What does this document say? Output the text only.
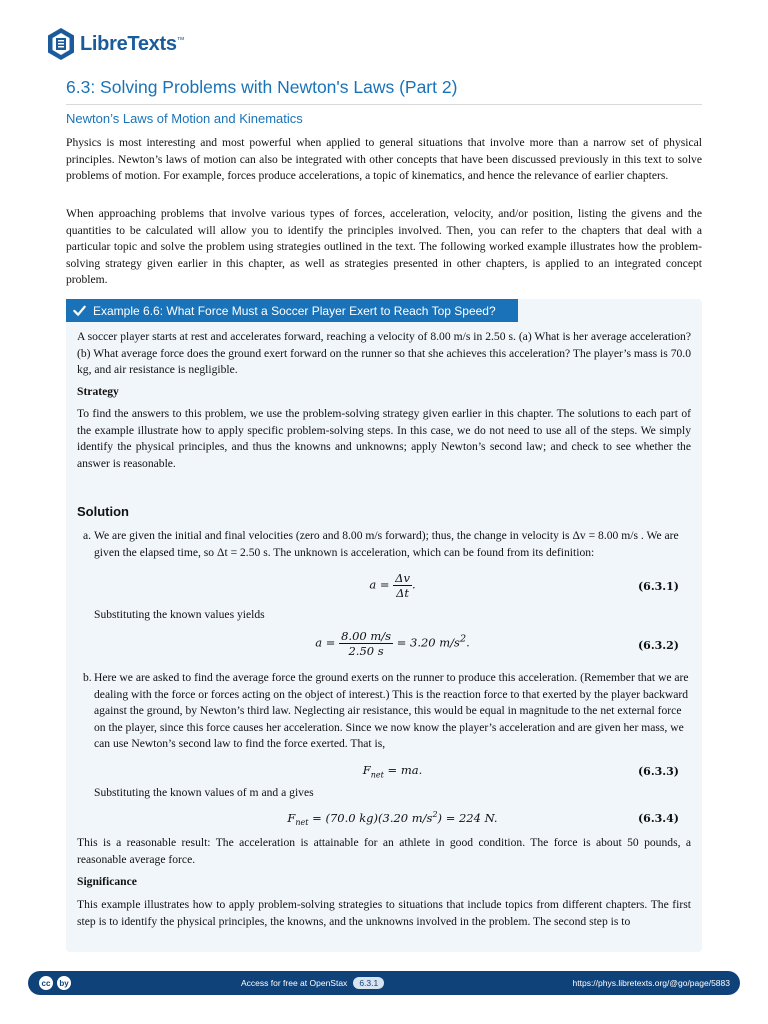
LibreTexts™
6.3: Solving Problems with Newton's Laws (Part 2)
Newton’s Laws of Motion and Kinematics

Physics is most interesting and most powerful when applied to general situations that involve more than a narrow set of physical principles. Newton’s laws of motion can also be integrated with other concepts that have been discussed previously in this text to solve problems of motion. For example, forces produce accelerations, a topic of kinematics, and hence the relevance of earlier chapters.

When approaching problems that involve various types of forces, acceleration, velocity, and/or position, listing the givens and the quantities to be calculated will allow you to identify the principles involved. Then, you can refer to the chapters that deal with a particular topic and solve the problem using strategies outlined in the text. The following worked example illustrates how the problem-solving strategy given earlier in this chapter, as well as strategies presented in other chapters, is applied to an integrated concept problem.

Example 6.6: What Force Must a Soccer Player Exert to Reach Top Speed?

A soccer player starts at rest and accelerates forward, reaching a velocity of 8.00 m/s in 2.50 s. (a) What is her average acceleration? (b) What average force does the ground exert forward on the runner so that she achieves this acceleration? The player’s mass is 70.0 kg, and air resistance is negligible.

Strategy

To find the answers to this problem, we use the problem-solving strategy given earlier in this chapter. The solutions to each part of the example illustrate how to apply specific problem-solving steps. In this case, we do not need to use all of the steps. We simply identify the physical principles, and thus the knowns and unknowns; apply Newton’s second law; and check to see whether the answer is reasonable.

Solution
a. We are given the initial and final velocities (zero and 8.00 m/s forward); thus, the change in velocity is Δv = 8.00 m/s . We are given the elapsed time, so Δt = 2.50 s. The unknown is acceleration, which can be found from its definition:
$a = \frac{\Delta v}{\Delta t}$ .	(6.3.1)

Substituting the known values yields

$a = \frac{8.00 m/s}{2.50 s} = 3.20$ $m/s^2$.	(6.3.2)
b. Here we are asked to find the average force the ground exerts on the runner to produce this acceleration. (Remember that we are dealing with the force or forces acting on the object of interest.) This is the reaction force to that exerted by the player backward against the ground, by Newton’s third law. Neglecting air resistance, this would be equal in magnitude to the net external force on the player, since this force causes her acceleration. Since we now know the player’s acceleration and are given her mass, we can use Newton’s second law to find the force exerted. That is,
$F_{net}$ = ma.	(6.3.3)

Substituting the known values of m and a gives

$F_{net} = (70.0$ kg)(3.20 $m/s^2) = 224$ N.	(6.3.4)

This is a reasonable result: The acceleration is attainable for an athlete in good condition. The force is about 50 pounds, a reasonable average force.

Significance

This example illustrates how to apply problem-solving strategies to situations that include topics from different chapters. The first step is to identify the physical principles, the knowns, and the unknowns involved in the problem. The second step is to

cc	by	Access for free at OpenStax	6.3.1	https://phys.libretexts.org/@go/page/5883
